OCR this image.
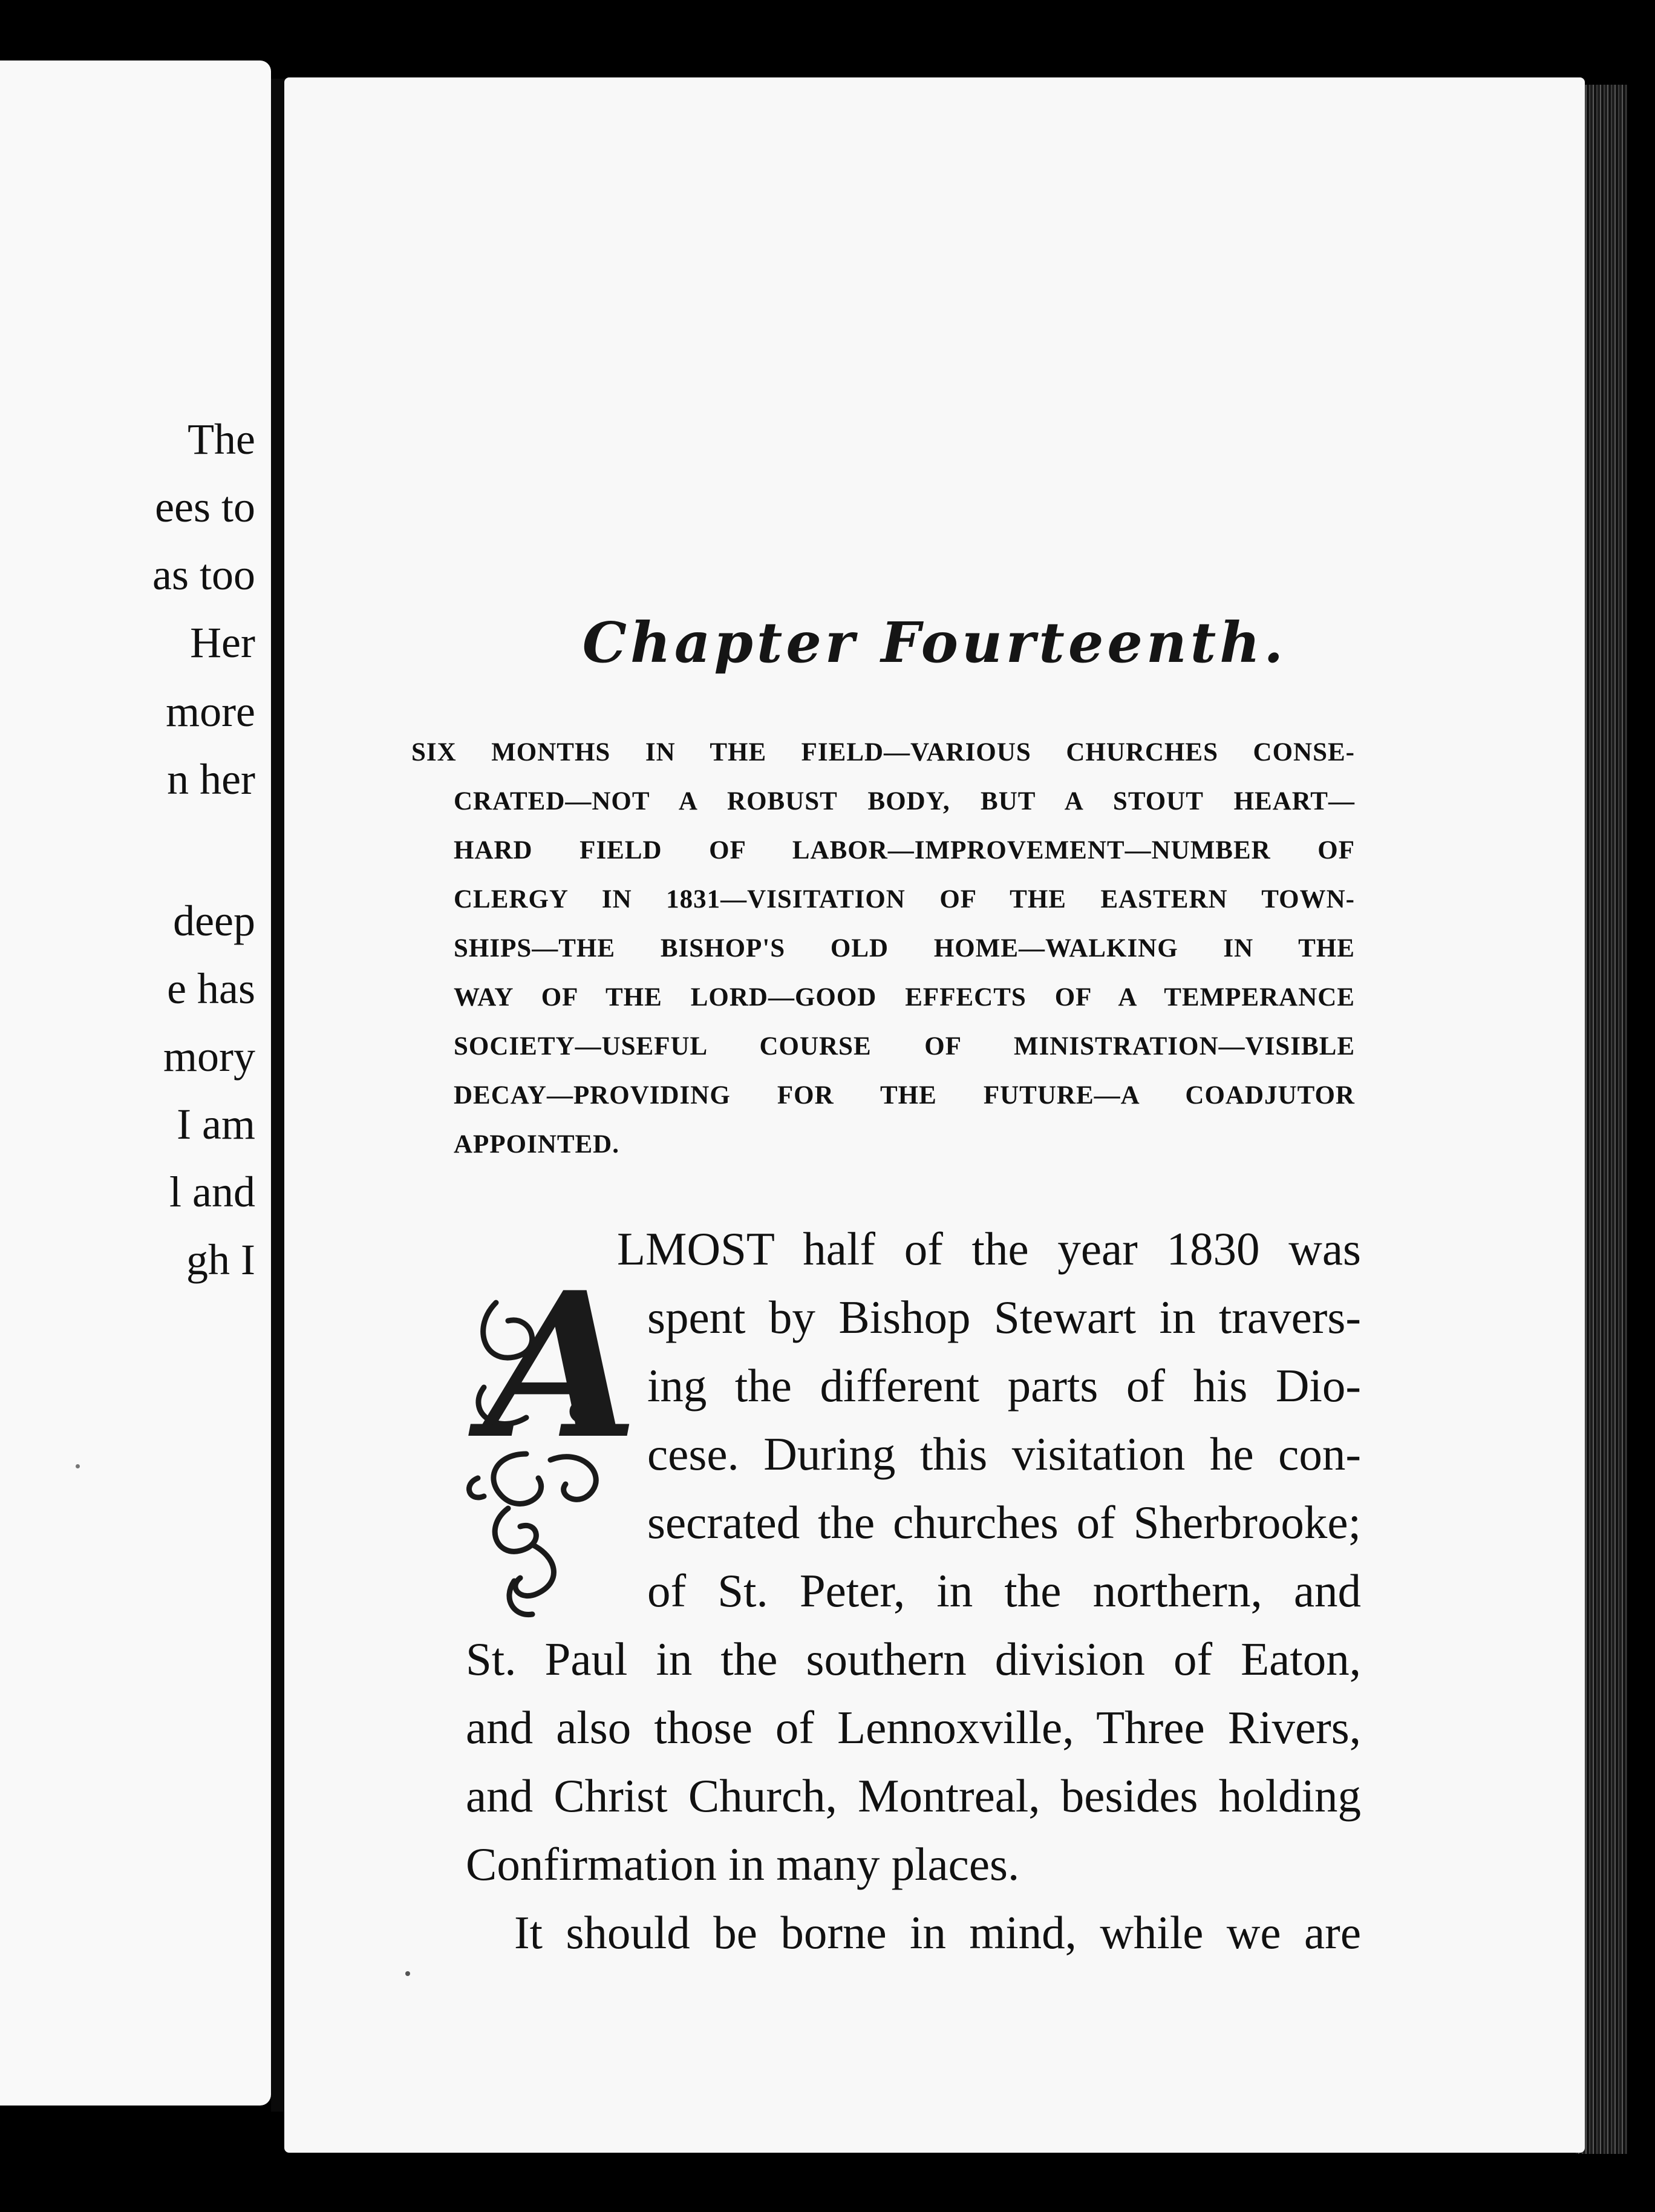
The
ees to
as too
Her
more
n her
deep
e has
mory
I am
l and
gh I
Chapter Fourteenth.
SIX MONTHS IN THE FIELD—VARIOUS CHURCHES CONSE-
CRATED—NOT A ROBUST BODY, BUT A STOUT HEART—
HARD FIELD OF LABOR—IMPROVEMENT—NUMBER OF
CLERGY IN 1831—VISITATION OF THE EASTERN TOWN-
SHIPS—THE BISHOP'S OLD HOME—WALKING IN THE
WAY OF THE LORD—GOOD EFFECTS OF A TEMPERANCE
SOCIETY—USEFUL COURSE OF MINISTRATION—VISIBLE
DECAY—PROVIDING FOR THE FUTURE—A COADJUTOR
APPOINTED.
A
LMOST half of the year 1830 was
spent by Bishop Stewart in travers-
ing the different parts of his Dio-
cese. During this visitation he con-
secrated the churches of Sherbrooke;
of St. Peter, in the northern, and
St. Paul in the southern division of Eaton,
and also those of Lennoxville, Three Rivers,
and Christ Church, Montreal, besides holding
Confirmation in many places.
It should be borne in mind, while we are
